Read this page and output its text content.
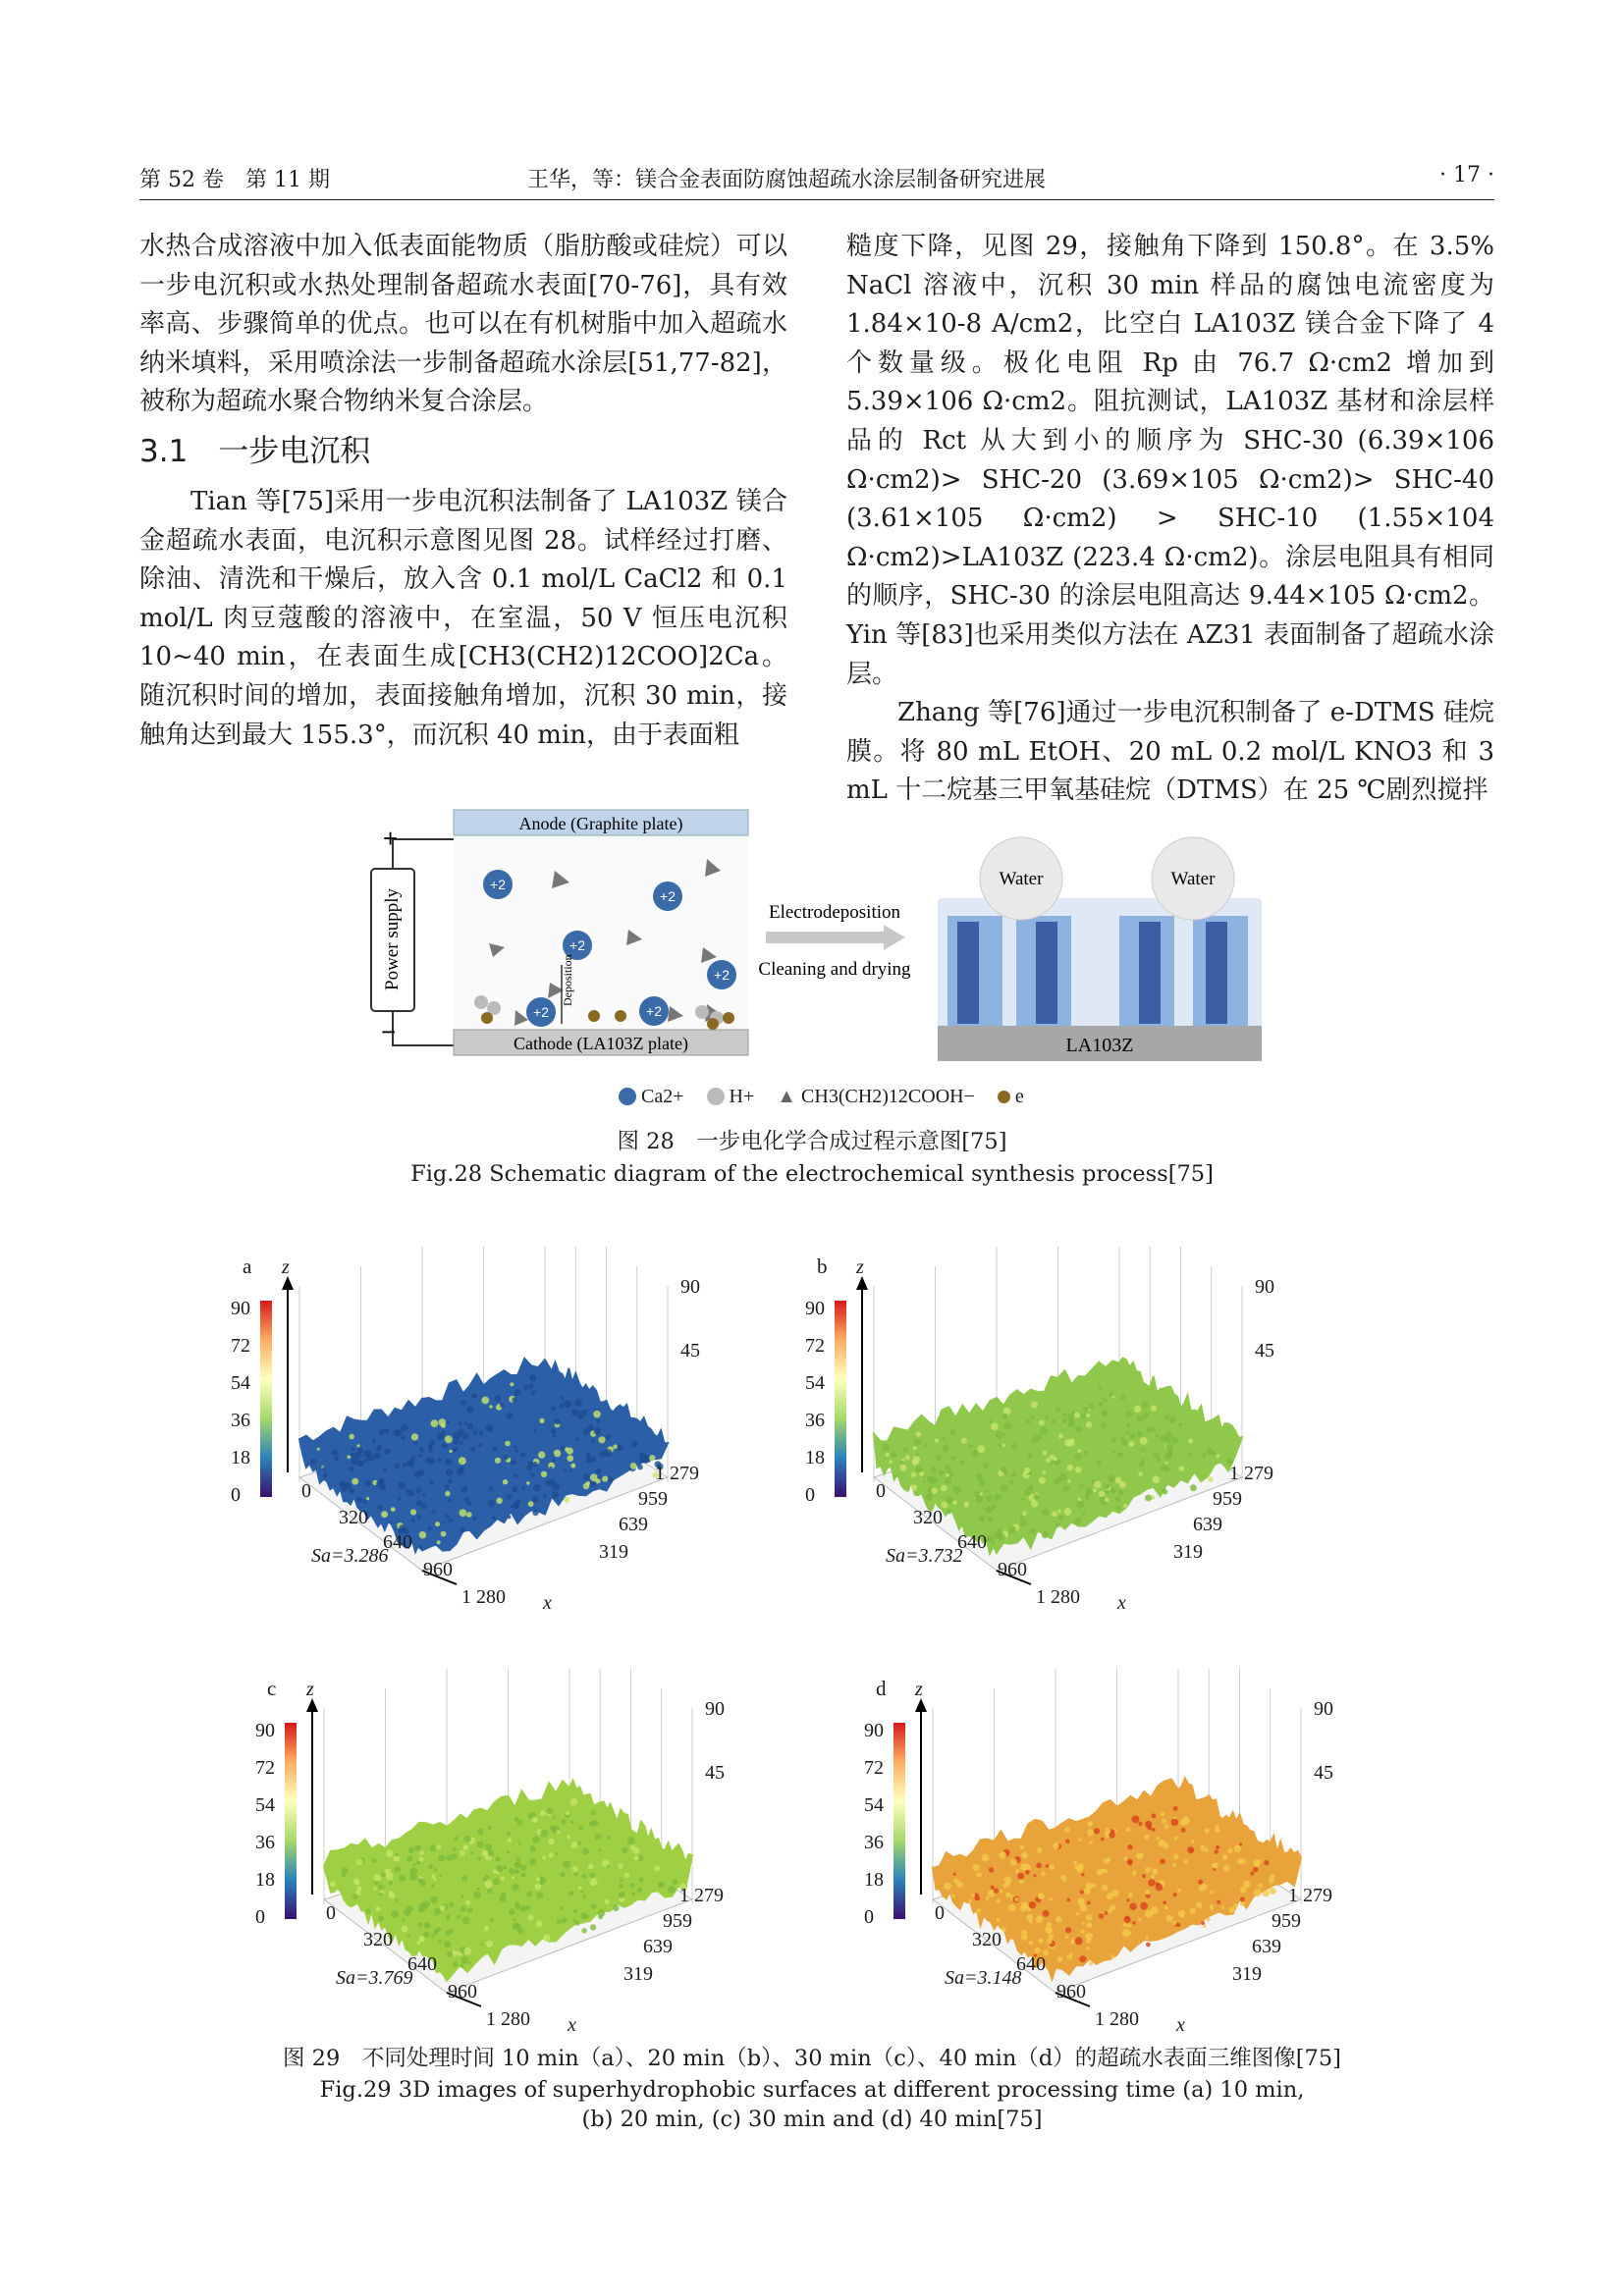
第 52 卷　第 11 期	王华，等：镁合金表面防腐蚀超疏水涂层制备研究进展	· 17 ·

水热合成溶液中加入低表面能物质（脂肪酸或硅烷）可以一步电沉积或水热处理制备超疏水表面[70-76]，具有效率高、步骤简单的优点。也可以在有机树脂中加入超疏水纳米填料，采用喷涂法一步制备超疏水涂层[51,77-82]，被称为超疏水聚合物纳米复合涂层。

3.1　一步电沉积

Tian 等[75]采用一步电沉积法制备了 LA103Z 镁合金超疏水表面，电沉积示意图见图 28。试样经过打磨、除油、清洗和干燥后，放入含 0.1 mol/L CaCl2 和 0.1 mol/L 肉豆蔻酸的溶液中，在室温，50 V 恒压电沉积 10~40 min，在表面生成[CH3(CH2)12COO]2Ca。随沉积时间的增加，表面接触角增加，沉积 30 min，接触角达到最大 155.3°，而沉积 40 min，由于表面粗

糙度下降，见图 29，接触角下降到 150.8°。在 3.5% NaCl 溶液中，沉积 30 min 样品的腐蚀电流密度为 1.84×10-8 A/cm2，比空白 LA103Z 镁合金下降了 4 个数量级。极化电阻 Rp 由 76.7 Ω·cm2 增加到 5.39×106 Ω·cm2。阻抗测试，LA103Z 基材和涂层样品的 Rct 从大到小的顺序为 SHC-30 (6.39×106 Ω·cm2)> SHC-20 (3.69×105 Ω·cm2)> SHC-40 (3.61×105 Ω·cm2) > SHC-10 (1.55×104 Ω·cm2)>LA103Z (223.4 Ω·cm2)。涂层电阻具有相同的顺序，SHC-30 的涂层电阻高达 9.44×105 Ω·cm2。Yin 等[83]也采用类似方法在 AZ31 表面制备了超疏水涂层。

Zhang 等[76]通过一步电沉积制备了 e-DTMS 硅烷膜。将 80 mL EtOH、20 mL 0.2 mol/L KNO3 和 3 mL 十二烷基三甲氧基硅烷（DTMS）在 25 ℃剧烈搅拌

Power supply
+
−
Anode (Graphite plate)
Cathode (LA103Z plate)
+2
+2
+2
+2
+2	+2
Deposition
Electrodeposition
Cleaning and drying
LA103Z
Water	Water
Ca2+ H+ ▲ CH3(CH2)12COOH− e
图 28　一步电化学合成过程示意图[75]
Fig.28 Schematic diagram of the electrochemical synthesis process[75]
a z
90
72
54
36
18
0	0
320
640
960
1 280 x
319
639
959
1 279
90
45
Sa=3.286
b z
90
72
54
36
18
0	0
320
640
960
1 280 x
319
639
959
1 279
90
45
Sa=3.732
c z
90
72
54
36
18
0	0
320
640
960
1 280 x
319
639
959
1 279
90
45
Sa=3.769
d z
90
72
54
36
18
0	0
320
640
960
1 280 x
319
639
959
1 279
90
45
Sa=3.148
图 29　不同处理时间 10 min（a）、20 min（b）、30 min（c）、40 min（d）的超疏水表面三维图像[75]
Fig.29 3D images of superhydrophobic surfaces at different processing time (a) 10 min,
(b) 20 min, (c) 30 min and (d) 40 min[75]
